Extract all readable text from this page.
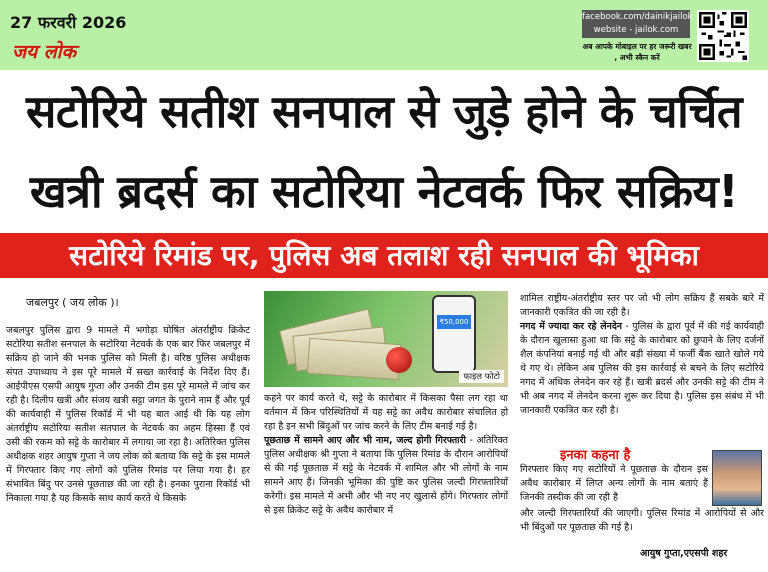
27 फरवरी 2026
जय लोक
facebook.com/dainikjailok
website - jailok.com
अब आपके मोबाइल पर हर जरूरी खबर , अभी स्कैन करें
सटोरिये सतीश सनपाल से जुड़े होने के चर्चित
खत्री ब्रदर्स का सटोरिया नेटवर्क फिर सक्रिय!
सटोरिये रिमांड पर, पुलिस अब तलाश रही सनपाल की भूमिका
जबलपुर ( जय लोक )।
जबलपुर पुलिस द्वारा 9 मामले में भगोड़ा घोषित अंतर्राष्ट्रीय क्रिकेट सटोरिया सतीश सनपाल के सटोरिया नेटवर्क के एक बार फिर जबलपुर में सक्रिय हो जाने की भनक पुलिस को मिली है। वरिष्ठ पुलिस अधीक्षक संपत उपाध्याय ने इस पूरे मामले में सख्त कार्रवाई के निर्देश दिए हैं। आईपीएस एसपी आयुष गुप्ता और उनकी टीम इस पूरे मामले में जांच कर रही है। दिलीप खत्री और संजय खत्री सट्टा जगत के पुराने नाम हैं और पूर्व की कार्यवाही में पुलिस रिकॉर्ड में भी यह बात आई थी कि यह लोग अंतर्राष्ट्रीय सटोरिया सतीश सतपाल के नेटवर्क का अहम हिस्सा हैं एवं उसी की रकम को सट्टे के कारोबार में लगाया जा रहा है। अतिरिक्त पुलिस अधीक्षक शहर आयुष गुप्ता ने जय लोक को बताया कि सट्टे के इस मामले में गिरफ्तार किए गए लोगों को पुलिस रिमांड पर लिया गया है। हर संभावित बिंदु पर उनसे पूछताछ की जा रही है। इनका पुराना रिकॉर्ड भी निकाला गया है यह किसके साथ कार्य करते थे किसके
₹50,000
फाइल फोटो
कहने पर कार्य करते थे, सट्टे के कारोबार में किसका पैसा लग रहा था वर्तमान में किन परिस्थितियों में यह सट्टे का अवैध कारोबार संचालित हो रहा है इन सभी बिंदुओं पर जांच करने के लिए टीम बनाई गई है।
पूछताछ में सामने आए और भी नाम, जल्द होगी गिरफ्तारी - अतिरिक्त पुलिस अधीक्षक श्री गुप्ता ने बताया कि पुलिस रिमांड के दौरान आरोपियों से की गई पूछताछ में सट्टे के नेटवर्क में शामिल और भी लोगों के नाम सामने आए हैं। जिनकी भूमिका की पुष्टि कर पुलिस जल्दी गिरफ्तारियाँ करेगी। इस मामले में अभी और भी नए नए खुलासे होंगे। गिरफ्तार लोगों से इस क्रिकेट सट्टे के अवैध कारोबार में
शामिल राष्ट्रीय-अंतर्राष्ट्रीय स्तर पर जो भी लोग सक्रिय हैं सबके बारे में जानकारी एकत्रित की जा रही है।
नगद में ज्यादा कर रहे लेनदेन - पुलिस के द्वारा पूर्व में की गई कार्यवाही के दौरान खुलासा हुआ था कि सट्टे के कारोबार को छुपाने के लिए दर्जनों शैल कंपनियां बनाई गई थी और बड़ी संख्या में फर्जी बैंक खाते खोले गये थे गए थे। लेकिन अब पुलिस की इस कार्रवाई से बचने के लिए सटोरिये नगद में अधिक लेनदेन कर रहे हैं। खत्री ब्रदर्स और उनकी सट्टे की टीम ने भी अब नगद में लेनदेन करना शुरू कर दिया है। पुलिस इस संबंध में भी जानकारी एकत्रित कर रही है।
इनका कहना है
गिरफ्तार किए गए सटोरियों ने पूछताछ के दौरान इस अवैध कारोबार में लिप्त अन्य लोगों के नाम बताएं हैं जिनकी तस्दीक की जा रही है
और जल्दी गिरफ्तारियाँ की जाएगी। पुलिस रिमांड में आरोपियों से और भी बिंदुओं पर पूछताछ की गई है।
आयुष गुप्ता,एएसपी शहर
